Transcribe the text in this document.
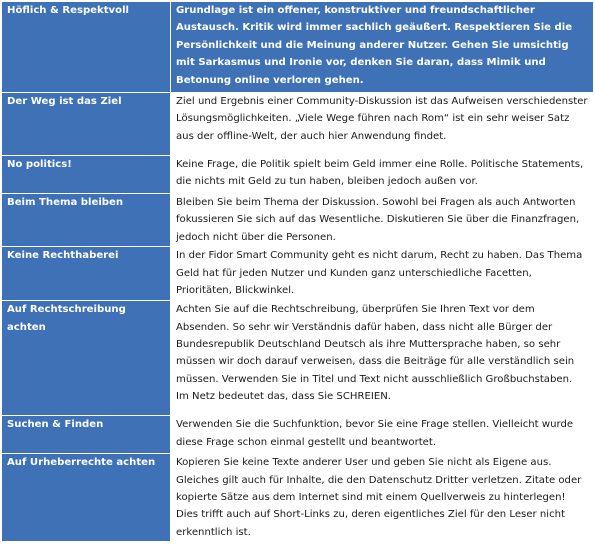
Höflich & Respektvoll	Grundlage ist ein offener, konstruktiver und freundschaftlicher Austausch. Kritik wird immer sachlich geäußert. Respektieren Sie die Persönlichkeit und die Meinung anderer Nutzer. Gehen Sie umsichtig mit Sarkasmus und Ironie vor, denken Sie daran, dass Mimik und Betonung online verloren gehen.
Der Weg ist das Ziel	Ziel und Ergebnis einer Community-Diskussion ist das Aufweisen verschiedenster Lösungsmöglichkeiten. „Viele Wege führen nach Rom“ ist ein sehr weiser Satz aus der offline-Welt, der auch hier Anwendung findet.
No politics!	Keine Frage, die Politik spielt beim Geld immer eine Rolle. Politische Statements, die nichts mit Geld zu tun haben, bleiben jedoch außen vor.
Beim Thema bleiben	Bleiben Sie beim Thema der Diskussion. Sowohl bei Fragen als auch Antworten fokussieren Sie sich auf das Wesentliche. Diskutieren Sie über die Finanzfragen, jedoch nicht über die Personen.
Keine Rechthaberei	In der Fidor Smart Community geht es nicht darum, Recht zu haben. Das Thema Geld hat für jeden Nutzer und Kunden ganz unterschiedliche Facetten, Prioritäten, Blickwinkel.
Auf Rechtschreibung achten	Achten Sie auf die Rechtschreibung, überprüfen Sie Ihren Text vor dem Absenden. So sehr wir Verständnis dafür haben, dass nicht alle Bürger der Bundesrepublik Deutschland Deutsch als ihre Muttersprache haben, so sehr müssen wir doch darauf verweisen, dass die Beiträge für alle verständlich sein müssen. Verwenden Sie in Titel und Text nicht ausschließlich Großbuchstaben. Im Netz bedeutet das, dass Sie SCHREIEN.
Suchen & Finden	Verwenden Sie die Suchfunktion, bevor Sie eine Frage stellen. Vielleicht wurde diese Frage schon einmal gestellt und beantwortet.
Auf Urheberrechte achten	Kopieren Sie keine Texte anderer User und geben Sie nicht als Eigene aus. Gleiches gilt auch für Inhalte, die den Datenschutz Dritter verletzen. Zitate oder kopierte Sätze aus dem Internet sind mit einem Quellverweis zu hinterlegen! Dies trifft auch auf Short-Links zu, deren eigentliches Ziel für den Leser nicht erkenntlich ist.
